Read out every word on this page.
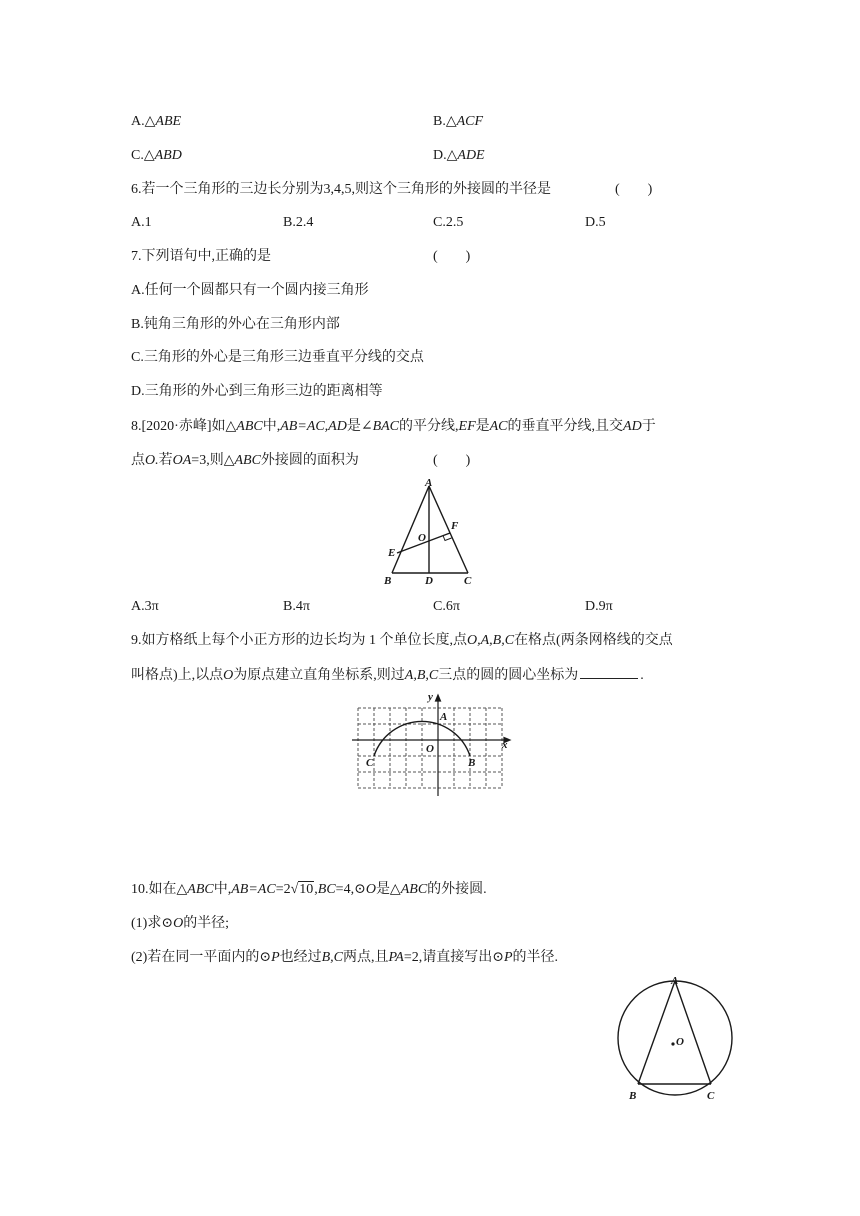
A.△ABE	B.△ACF
C.△ABD	D.△ADE
6.若一个三角形的三边长分别为3,4,5,则这个三角形的外接圆的半径是	(　　)
A.1	B.2.4	C.2.5	D.5
7.下列语句中,正确的是	(　　)
A.任何一个圆都只有一个圆内接三角形
B.钝角三角形的外心在三角形内部
C.三角形的外心是三角形三边垂直平分线的交点
D.三角形的外心到三角形三边的距离相等
8.[2020·赤峰]如△ABC中,AB=AC,AD是∠BAC的平分线,EF是AC的垂直平分线,且交AD于
点O.若OA=3,则△ABC外接圆的面积为	(　　)
A
B	C
D
E
F
O
A.3π	B.4π	C.6π	D.9π
9.如方格纸上每个小正方形的边长均为 1 个单位长度,点O,A,B,C在格点(两条网格线的交点
叫格点)上,以点O为原点建立直角坐标系,则过A,B,C三点的圆的圆心坐标为	.
y
x
O
A
C	B
10.如在△ABC中,AB=AC=2√10,BC=4,⊙O是△ABC的外接圆.
(1)求⊙O的半径;
(2)若在同一平面内的⊙P也经过B,C两点,且PA=2,请直接写出⊙P的半径.
A
B	C
O
